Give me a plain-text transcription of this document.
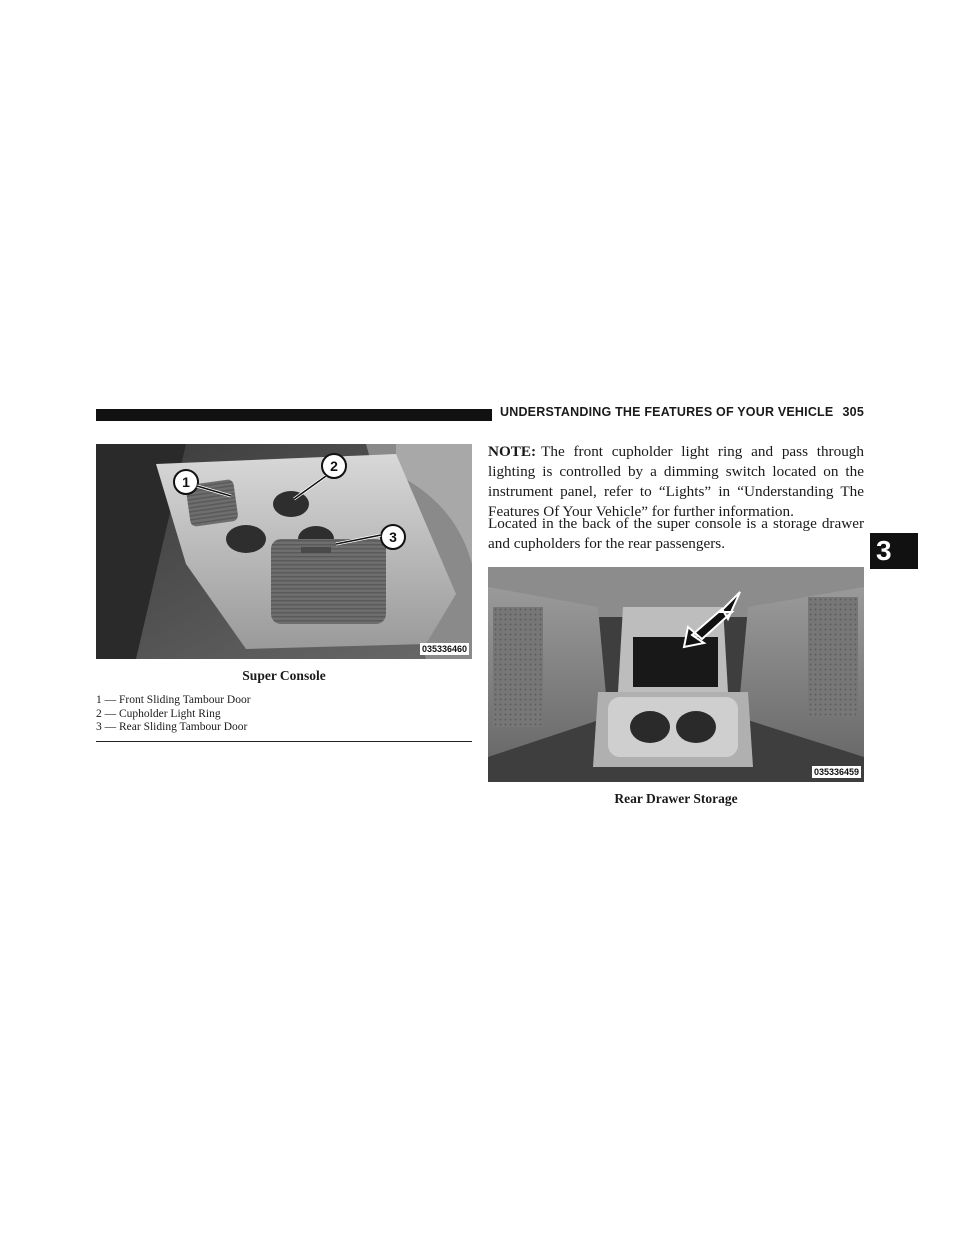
UNDERSTANDING THE FEATURES OF YOUR VEHICLE 305
3
1
2
3
035336460
Super Console
1 — Front Sliding Tambour Door
2 — Cupholder Light Ring
3 — Rear Sliding Tambour Door

NOTE: The front cupholder light ring and pass through lighting is controlled by a dimming switch located on the instrument panel, refer to “Lights” in “Understanding The Features Of Your Vehicle” for further information.

Located in the back of the super console is a storage drawer and cupholders for the rear passengers.

035336459
Rear Drawer Storage
